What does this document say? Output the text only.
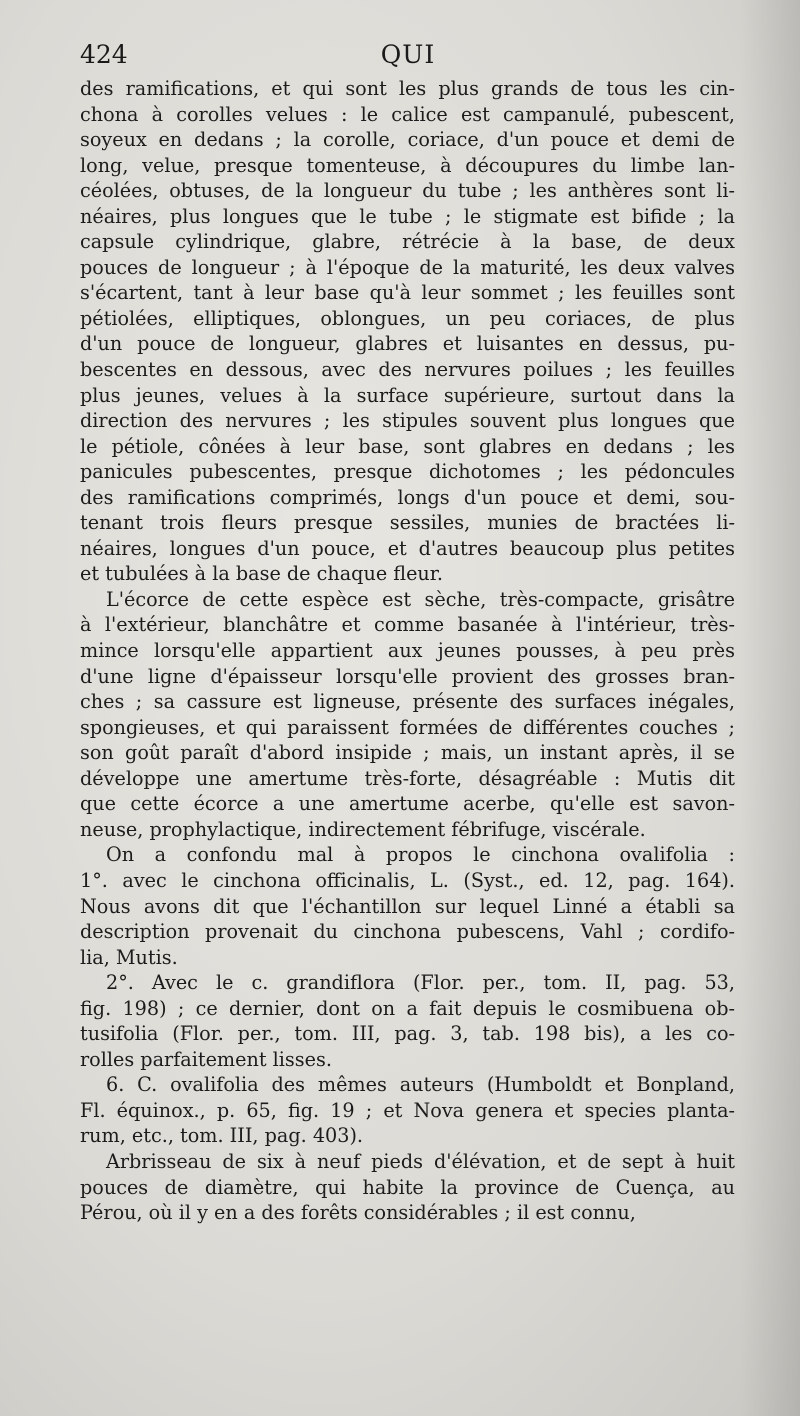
424	QUI
des ramifications, et qui sont les plus grands de tous les cin-
chona à corolles velues : le calice est campanulé, pubescent,
soyeux en dedans ; la corolle, coriace, d'un pouce et demi de
long, velue, presque tomenteuse, à découpures du limbe lan-
céolées, obtuses, de la longueur du tube ; les anthères sont li-
néaires, plus longues que le tube ; le stigmate est bifide ; la
capsule cylindrique, glabre, rétrécie à la base, de deux
pouces de longueur ; à l'époque de la maturité, les deux valves
s'écartent, tant à leur base qu'à leur sommet ; les feuilles sont
pétiolées, elliptiques, oblongues, un peu coriaces, de plus
d'un pouce de longueur, glabres et luisantes en dessus, pu-
bescentes en dessous, avec des nervures poilues ; les feuilles
plus jeunes, velues à la surface supérieure, surtout dans la
direction des nervures ; les stipules souvent plus longues que
le pétiole, cônées à leur base, sont glabres en dedans ; les
panicules pubescentes, presque dichotomes ; les pédoncules
des ramifications comprimés, longs d'un pouce et demi, sou-
tenant trois fleurs presque sessiles, munies de bractées li-
néaires, longues d'un pouce, et d'autres beaucoup plus petites
et tubulées à la base de chaque fleur.
L'écorce de cette espèce est sèche, très-compacte, grisâtre
à l'extérieur, blanchâtre et comme basanée à l'intérieur, très-
mince lorsqu'elle appartient aux jeunes pousses, à peu près
d'une ligne d'épaisseur lorsqu'elle provient des grosses bran-
ches ; sa cassure est ligneuse, présente des surfaces inégales,
spongieuses, et qui paraissent formées de différentes couches ;
son goût paraît d'abord insipide ; mais, un instant après, il se
développe une amertume très-forte, désagréable : Mutis dit
que cette écorce a une amertume acerbe, qu'elle est savon-
neuse, prophylactique, indirectement fébrifuge, viscérale.
On a confondu mal à propos le cinchona ovalifolia :
1°. avec le cinchona officinalis, L. (Syst., ed. 12, pag. 164).
Nous avons dit que l'échantillon sur lequel Linné a établi sa
description provenait du cinchona pubescens, Vahl ; cordifo-
lia, Mutis.
2°. Avec le c. grandiflora (Flor. per., tom. II, pag. 53,
fig. 198) ; ce dernier, dont on a fait depuis le cosmibuena ob-
tusifolia (Flor. per., tom. III, pag. 3, tab. 198 bis), a les co-
rolles parfaitement lisses.
6. C. ovalifolia des mêmes auteurs (Humboldt et Bonpland,
Fl. équinox., p. 65, fig. 19 ; et Nova genera et species planta-
rum, etc., tom. III, pag. 403).
Arbrisseau de six à neuf pieds d'élévation, et de sept à huit
pouces de diamètre, qui habite la province de Cuença, au
Pérou, où il y en a des forêts considérables ; il est connu,
